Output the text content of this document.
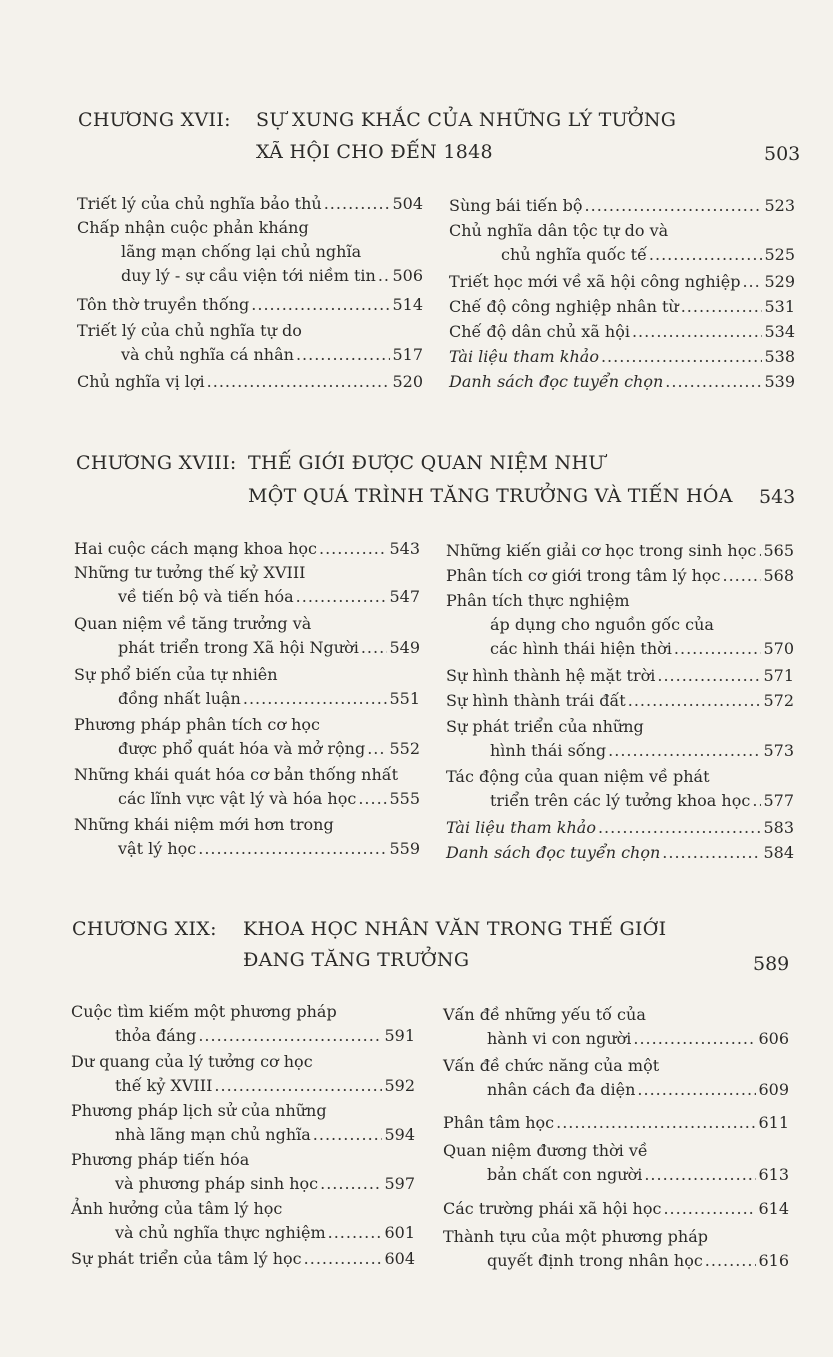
CHƯƠNG XVII: SỰ XUNG KHẮC CỦA NHỮNG LÝ TƯỞNG
XÃ HỘI CHO ĐẾN 1848	503
Triết lý của chủ nghĩa bảo thủ .....	504
Chấp nhận cuộc phản kháng
lãng mạn chống lại chủ nghĩa
duy lý - sự cầu viện tới niềm tin ..... 506
Tôn thờ truyền thống .....	514
Triết lý của chủ nghĩa tự do
và chủ nghĩa cá nhân .....	517
Chủ nghĩa vị lợi .....	520
Sùng bái tiến bộ .....	523
Chủ nghĩa dân tộc tự do và
chủ nghĩa quốc tế .....	525
Triết học mới về xã hội công nghiệp ..... 529
Chế độ công nghiệp nhân từ .....	531
Chế độ dân chủ xã hội .....	534
Tài liệu tham khảo .....	538
Danh sách đọc tuyển chọn .....	539
CHƯƠNG XVIII: THẾ GIỚI ĐƯỢC QUAN NIỆM NHƯ
MỘT QUÁ TRÌNH TĂNG TRƯỞNG VÀ TIẾN HÓA 543
Hai cuộc cách mạng khoa học .....	543
Những tư tưởng thế kỷ XVIII
về tiến bộ và tiến hóa .....	547
Quan niệm về tăng trưởng và
phát triển trong Xã hội Người ..... 549
Sự phổ biến của tự nhiên
đồng nhất luận .....	551
Phương pháp phân tích cơ học
được phổ quát hóa và mở rộng ..... 552
Những khái quát hóa cơ bản thống nhất
các lĩnh vực vật lý và hóa học ..... 555
Những khái niệm mới hơn trong
vật lý học .....	559
Những kiến giải cơ học trong sinh học ..... 565
Phân tích cơ giới trong tâm lý học .....	568
Phân tích thực nghiệm
áp dụng cho nguồn gốc của
các hình thái hiện thời .....	570
Sự hình thành hệ mặt trời .....	571
Sự hình thành trái đất .....	572
Sự phát triển của những
hình thái sống .....	573
Tác động của quan niệm về phát
triển trên các lý tưởng khoa học ..... 577
Tài liệu tham khảo .....	583
Danh sách đọc tuyển chọn .....	584
CHƯƠNG XIX: KHOA HỌC NHÂN VĂN TRONG THẾ GIỚI
ĐANG TĂNG TRƯỞNG	589
Cuộc tìm kiếm một phương pháp
thỏa đáng .....	591
Dư quang của lý tưởng cơ học
thế kỷ XVIII .....	592
Phương pháp lịch sử của những
nhà lãng mạn chủ nghĩa .....	594
Phương pháp tiến hóa
và phương pháp sinh học .....	597
Ảnh hưởng của tâm lý học
và chủ nghĩa thực nghiệm .....	601
Sự phát triển của tâm lý học .....	604
Vấn đề những yếu tố của
hành vi con người .....	606
Vấn đề chức năng của một
nhân cách đa diện .....	609
Phân tâm học .....	611
Quan niệm đương thời về
bản chất con người .....	613
Các trường phái xã hội học .....	614
Thành tựu của một phương pháp
quyết định trong nhân học .....	616
